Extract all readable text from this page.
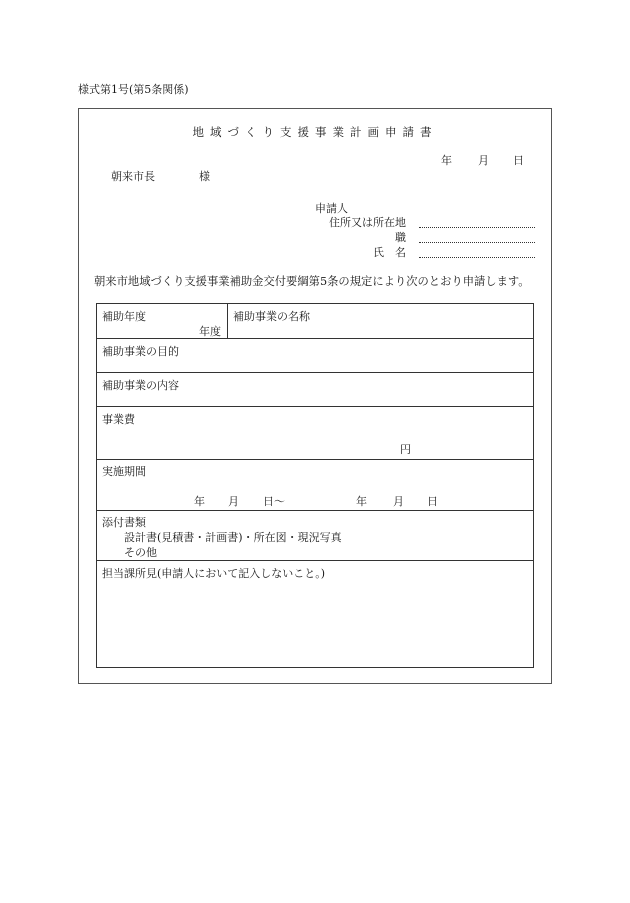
様式第1号(第5条関係)
地域づくり支援事業計画申請書
年 月 日
朝来市長	様
申請人
住所又は所在地
職
氏　名
朝来市地域づくり支援事業補助金交付要綱第5条の規定により次のとおり申請します。
補助年度
年度
補助事業の名称
補助事業の目的
補助事業の内容
事業費
円
実施期間
年 月 日～	年 月 日
添付書類
設計書(見積書・計画書)・所在図・現況写真
その他
担当課所見(申請人において記入しないこと。)
